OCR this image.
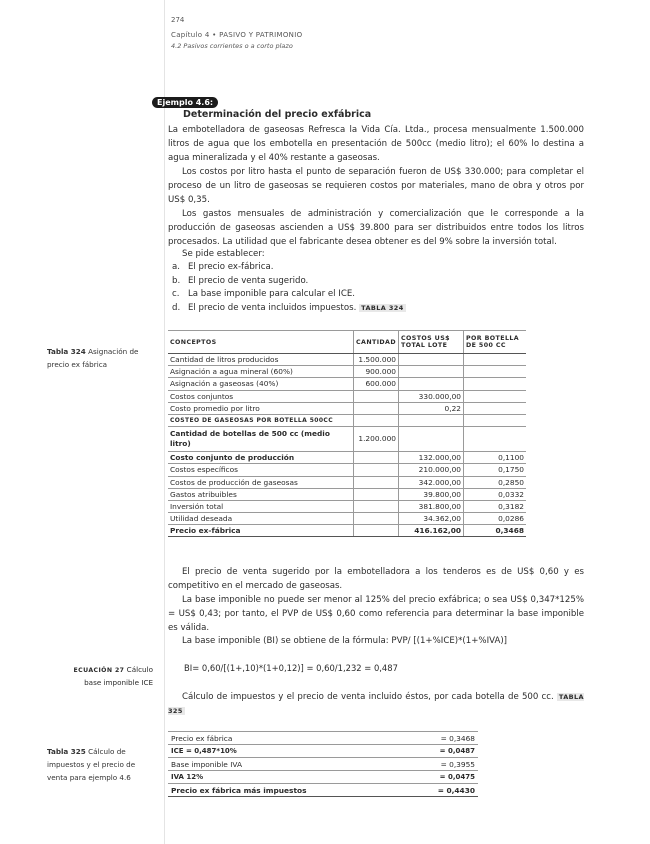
274
Capítulo 4 • PASIVO Y PATRIMONIO
4.2 Pasivos corrientes o a corto plazo
Ejemplo 4.6:
Determinación del precio exfábrica
La embotelladora de gaseosas Refresca la Vida Cía. Ltda., procesa mensualmente 1.500.000 litros de agua que los embotella en presentación de 500cc (medio litro); el 60% lo destina a agua mineralizada y el 40% restante a gaseosas.
Los costos por litro hasta el punto de separación fueron de US$ 330.000; para completar el proceso de un litro de gaseosas se requieren costos por materiales, mano de obra y otros por US$ 0,35.
Los gastos mensuales de administración y comercialización que le corresponde a la producción de gaseosas ascienden a US$ 39.800 para ser distribuidos entre todos los litros procesados. La utilidad que el fabricante desea obtener es del 9% sobre la inversión total.
Se pide establecer:
a. El precio ex-fábrica.
b. El precio de venta sugerido.
c. La base imponible para calcular el ICE.
d. El precio de venta incluidos impuestos. TABLA 324
Tabla 324 Asignación de precio ex fábrica
CONCEPTOS	CANTIDAD	COSTOS US$ TOTAL LOTE	POR BOTELLA DE 500 CC
Cantidad de litros producidos	1.500.000		
Asignación a agua mineral (60%)	900.000		
Asignación a gaseosas (40%)	600.000		
Costos conjuntos		330.000,00	
Costo promedio por litro		0,22	
COSTEO DE GASEOSAS POR BOTELLA 500CC			
Cantidad de botellas de 500 cc (medio litro)	1.200.000		
Costo conjunto de producción		132.000,00	0,1100
Costos específicos		210.000,00	0,1750
Costos de producción de gaseosas		342.000,00	0,2850
Gastos atribuibles		39.800,00	0,0332
Inversión total		381.800,00	0,3182
Utilidad deseada		34.362,00	0,0286
Precio ex-fábrica		416.162,00	0,3468
El precio de venta sugerido por la embotelladora a los tenderos es de US$ 0,60 y es competitivo en el mercado de gaseosas.
La base imponible no puede ser menor al 125% del precio exfábrica; o sea US$ 0,347*125% = US$ 0,43; por tanto, el PVP de US$ 0,60 como referencia para determinar la base imponible es válida.
La base imponible (BI) se obtiene de la fórmula: PVP/ [(1+%ICE)*(1+%IVA)]
ECUACIÓN 27 Cálculo base imponible ICE
BI= 0,60/[(1+,10)*(1+0,12)] = 0,60/1,232 = 0,487
Cálculo de impuestos y el precio de venta incluido éstos, por cada botella de 500 cc. TABLA 325
Tabla 325 Cálculo de impuestos y el precio de venta para ejemplo 4.6
Precio ex fábrica	= 0,3468
ICE = 0,487*10%	= 0,0487
Base imponible IVA	= 0,3955
IVA 12%	= 0,0475
Precio ex fábrica más impuestos	= 0,4430
